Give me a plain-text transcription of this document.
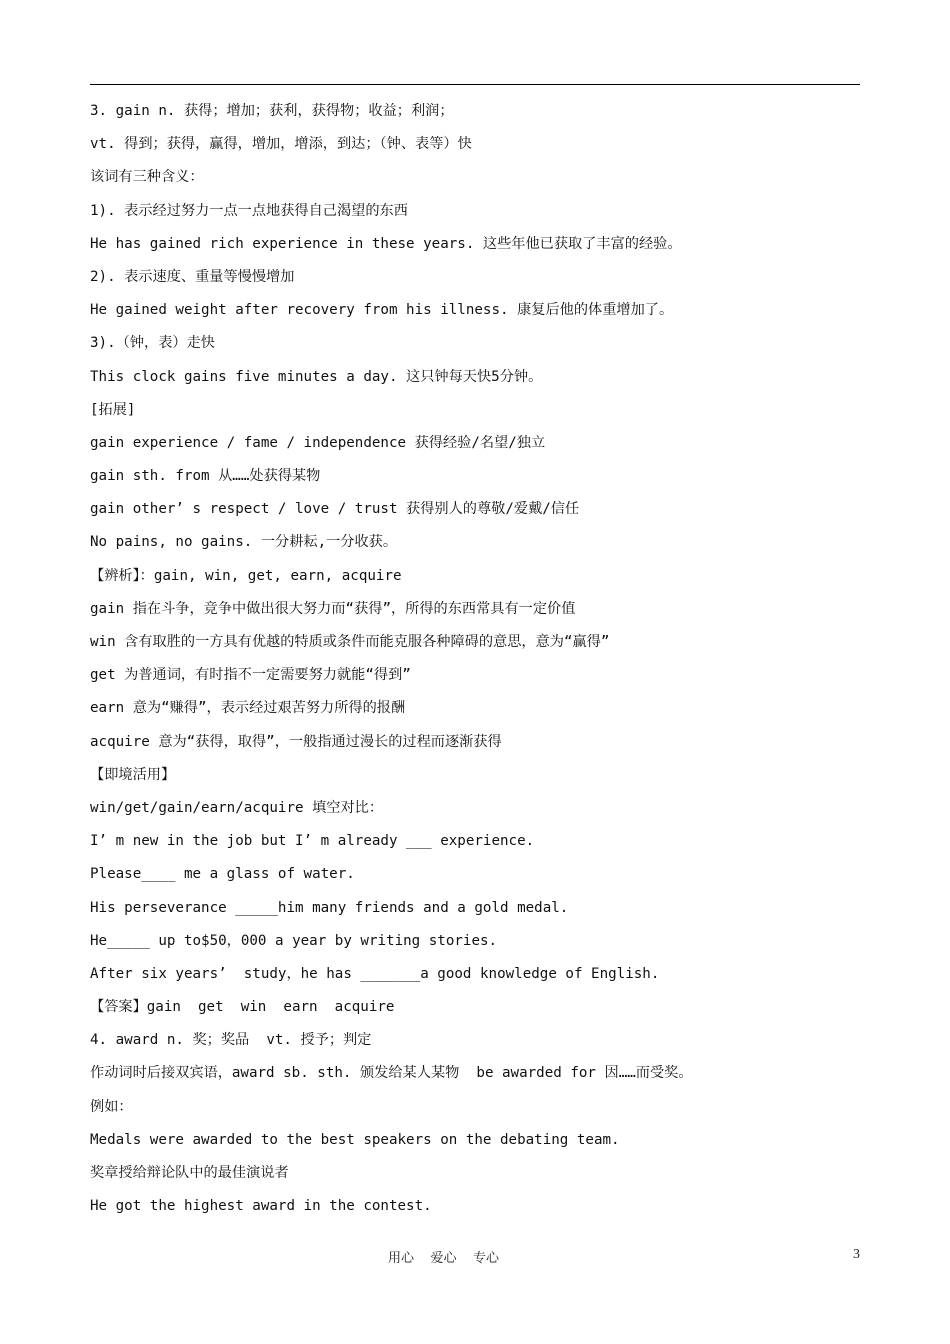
3. gain n. 获得；增加；获利，获得物；收益；利润；
vt. 得到；获得，赢得，增加，增添，到达；（钟、表等）快
该词有三种含义：
1). 表示经过努力一点一点地获得自己渴望的东西
He has gained rich experience in these years. 这些年他已获取了丰富的经验。
2). 表示速度、重量等慢慢增加
He gained weight after recovery from his illness. 康复后他的体重增加了。
3).（钟，表）走快
This clock gains five minutes a day. 这只钟每天快5分钟。
[拓展]
gain experience / fame / independence 获得经验/名望/独立
gain sth. from 从……处获得某物
gain other’ s respect / love / trust 获得别人的尊敬/爱戴/信任
No pains, no gains. 一分耕耘,一分收获。
【辨析】：gain, win, get, earn, acquire
gain 指在斗争，竞争中做出很大努力而“获得”，所得的东西常具有一定价值
win 含有取胜的一方具有优越的特质或条件而能克服各种障碍的意思，意为“赢得”
get 为普通词，有时指不一定需要努力就能“得到”
earn 意为“赚得”，表示经过艰苦努力所得的报酬
acquire 意为“获得，取得”，一般指通过漫长的过程而逐渐获得
【即境活用】
win/get/gain/earn/acquire 填空对比：
I’ m new in the job but I’ m already ___ experience.
Please____ me a glass of water.
His perseverance _____him many friends and a gold medal.
He_____ up to$50，000 a year by writing stories.
After six years’  study，he has _______a good knowledge of English.
【答案】gain  get  win  earn  acquire
4. award n. 奖；奖品  vt. 授予；判定
作动词时后接双宾语，award sb. sth. 颁发给某人某物  be awarded for 因……而受奖。
例如：
Medals were awarded to the best speakers on the debating team.
奖章授给辩论队中的最佳演说者
He got the highest award in the contest.
用心    爱心    专心	3
